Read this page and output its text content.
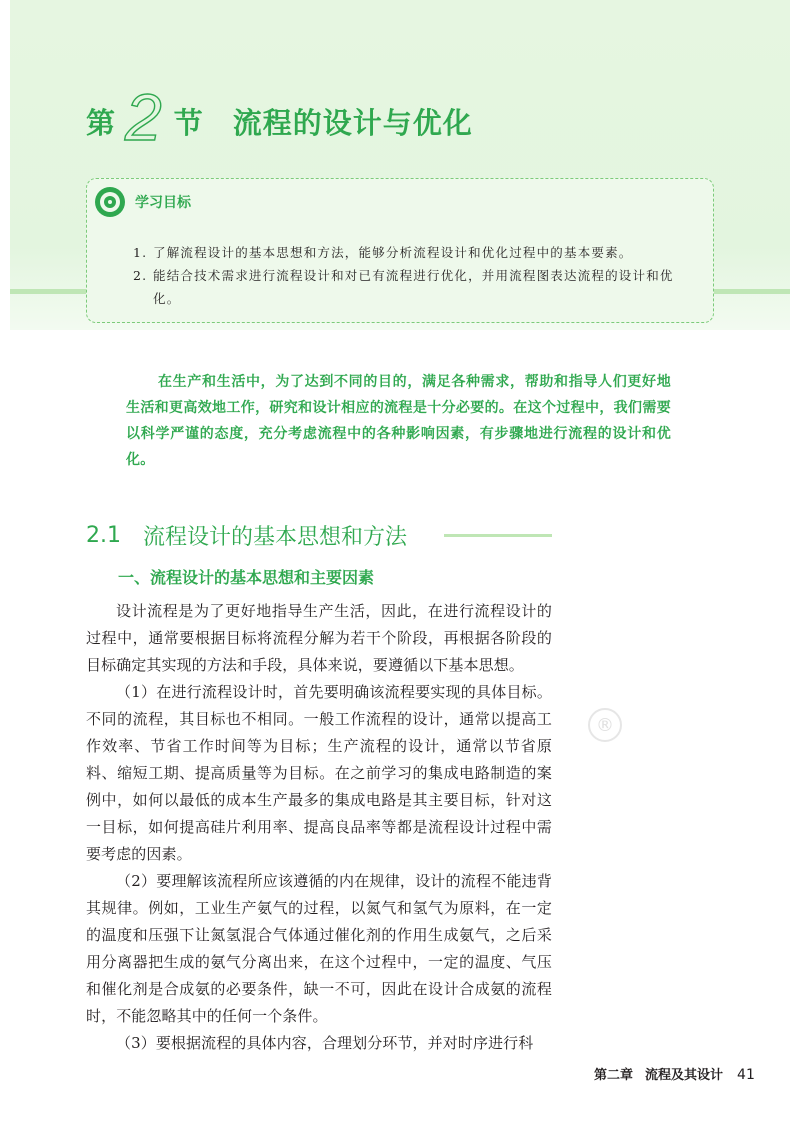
第 2 节 流程的设计与优化
学习目标
1. 了解流程设计的基本思想和方法，能够分析流程设计和优化过程中的基本要素。
2. 能结合技术需求进行流程设计和对已有流程进行优化，并用流程图表达流程的设计和优化。

在生产和生活中，为了达到不同的目的，满足各种需求，帮助和指导人们更好地生活和更高效地工作，研究和设计相应的流程是十分必要的。在这个过程中，我们需要以科学严谨的态度，充分考虑流程中的各种影响因素，有步骤地进行流程的设计和优化。

2.1 流程设计的基本思想和方法
一、流程设计的基本思想和主要因素

设计流程是为了更好地指导生产生活，因此，在进行流程设计的过程中，通常要根据目标将流程分解为若干个阶段，再根据各阶段的目标确定其实现的方法和手段，具体来说，要遵循以下基本思想。

（1）在进行流程设计时，首先要明确该流程要实现的具体目标。不同的流程，其目标也不相同。一般工作流程的设计，通常以提高工作效率、节省工作时间等为目标；生产流程的设计，通常以节省原料、缩短工期、提高质量等为目标。在之前学习的集成电路制造的案例中，如何以最低的成本生产最多的集成电路是其主要目标，针对这一目标，如何提高硅片利用率、提高良品率等都是流程设计过程中需要考虑的因素。

（2）要理解该流程所应该遵循的内在规律，设计的流程不能违背其规律。例如，工业生产氨气的过程，以氮气和氢气为原料，在一定的温度和压强下让氮氢混合气体通过催化剂的作用生成氨气，之后采用分离器把生成的氨气分离出来，在这个过程中，一定的温度、气压和催化剂是合成氨的必要条件，缺一不可，因此在设计合成氨的流程时，不能忽略其中的任何一个条件。

（3）要根据流程的具体内容，合理划分环节，并对时序进行科

®
第二章 流程及其设计 41
